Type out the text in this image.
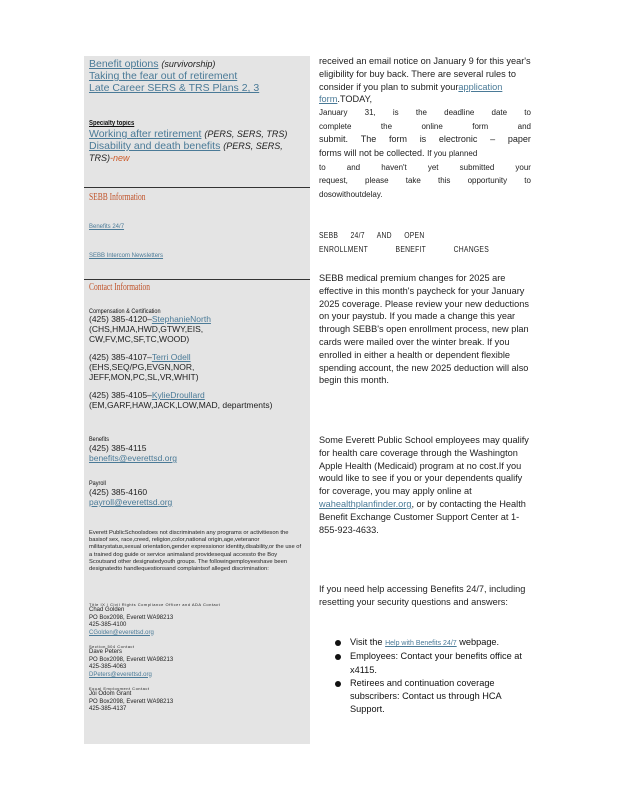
Benefit options (survivorship)
Taking the fear out of retirement
Late Career SERS & TRS Plans 2, 3
Specialty topics
Working after retirement (PERS, SERS, TRS)
Disability and death benefits (PERS, SERS, TRS)-new
SEBB Information
Benefits 24/7
SEBB Intercom Newsletters
Contact Information
Compensation & Certification
(425) 385-4120–StephanieNorth
(CHS,HMJA,HWD,GTWY,EIS, CW,FV,MC,SF,TC,WOOD)
(425) 385-4107–Terri Odell
(EHS,SEQ/PG,EVGN,NOR, JEFF,MON,PC,SL,VR,WHIT)
(425) 385-4105–KylieDroullard
(EM,GARF,HAW,JACK,LOW,MAD, departments)
Benefits
(425) 385-4115
benefits@everettsd.org
Payroll
(425) 385-4160
payroll@everettsd.org
Everett PublicSchoolsdoes not discriminatein any programs or activitieson the basisof sex, race,creed, religion,color,national origin,age,veteranor militarystatus,sexual orientation,gender expressionor identity,disability,or the use of a trained dog guide or service animaland providesequal accessto the Boy Scoutsand other designatedyouth groups. The followingemployeeshave been designatedto handlequestionsand complaintsof alleged discrimination:
Title IX / Civil Rights Compliance Officer and ADA Contact
Chad Golden
PO Box2098, Everett WA98213
425-385-4100
CGolden@everettsd.org
Section 504 Contact
Dave Peters
PO Box2098, Everett WA98213
425-385-4063
DPeters@everettsd.org
Equal Employment Contact
Joi Odom Grant
PO Box2098, Everett WA98213
425-385-4137

received an email notice on January 9 for this year's eligibility for buy back. There are several rules to consider if you plan to submit yourapplication form.TODAY,

January 31, is the deadline date to
complete	the	online	form	and
submit. The form is electronic – paper
forms will not be collected. If you planned
to	and	haven't	yet	submitted	your
request, please take this opportunity to
do so without delay.
SEBB 24/7 AND OPEN
ENROLLMENT BENEFIT CHANGES

SEBB medical premium changes for 2025 are effective in this month's paycheck for your January 2025 coverage. Please review your new deductions on your paystub. If you made a change this year through SEBB's open enrollment process, new plan cards were mailed over the winter break. If you enrolled in either a health or dependent flexible spending account, the new 2025 deduction will also begin this month.

Some Everett Public School employees may qualify for health care coverage through the Washington Apple Health (Medicaid) program at no cost.If you would like to see if you or your dependents qualify for coverage, you may apply online at wahealthplanfinder.org, or by contacting the Health Benefit Exchange Customer Support Center at 1-855-923-4633.

If you need help accessing Benefits 24/7, including resetting your security questions and answers:

Visit the Help with Benefits 24/7 webpage.
Employees: Contact your benefits office at x4115.
Retirees and continuation coverage subscribers: Contact us through HCA Support.
